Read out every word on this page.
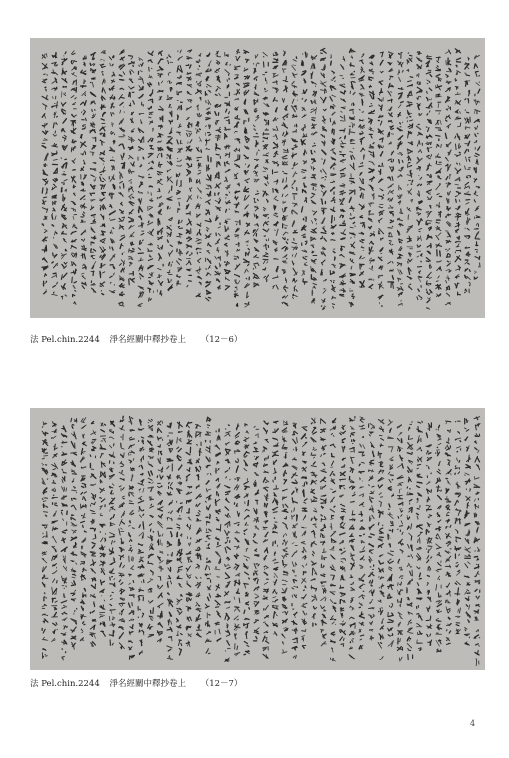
法 Pel.chin.2244 淨名經關中釋抄卷上 （12－6）
法 Pel.chin.2244 淨名經關中釋抄卷上 （12－7）
4
